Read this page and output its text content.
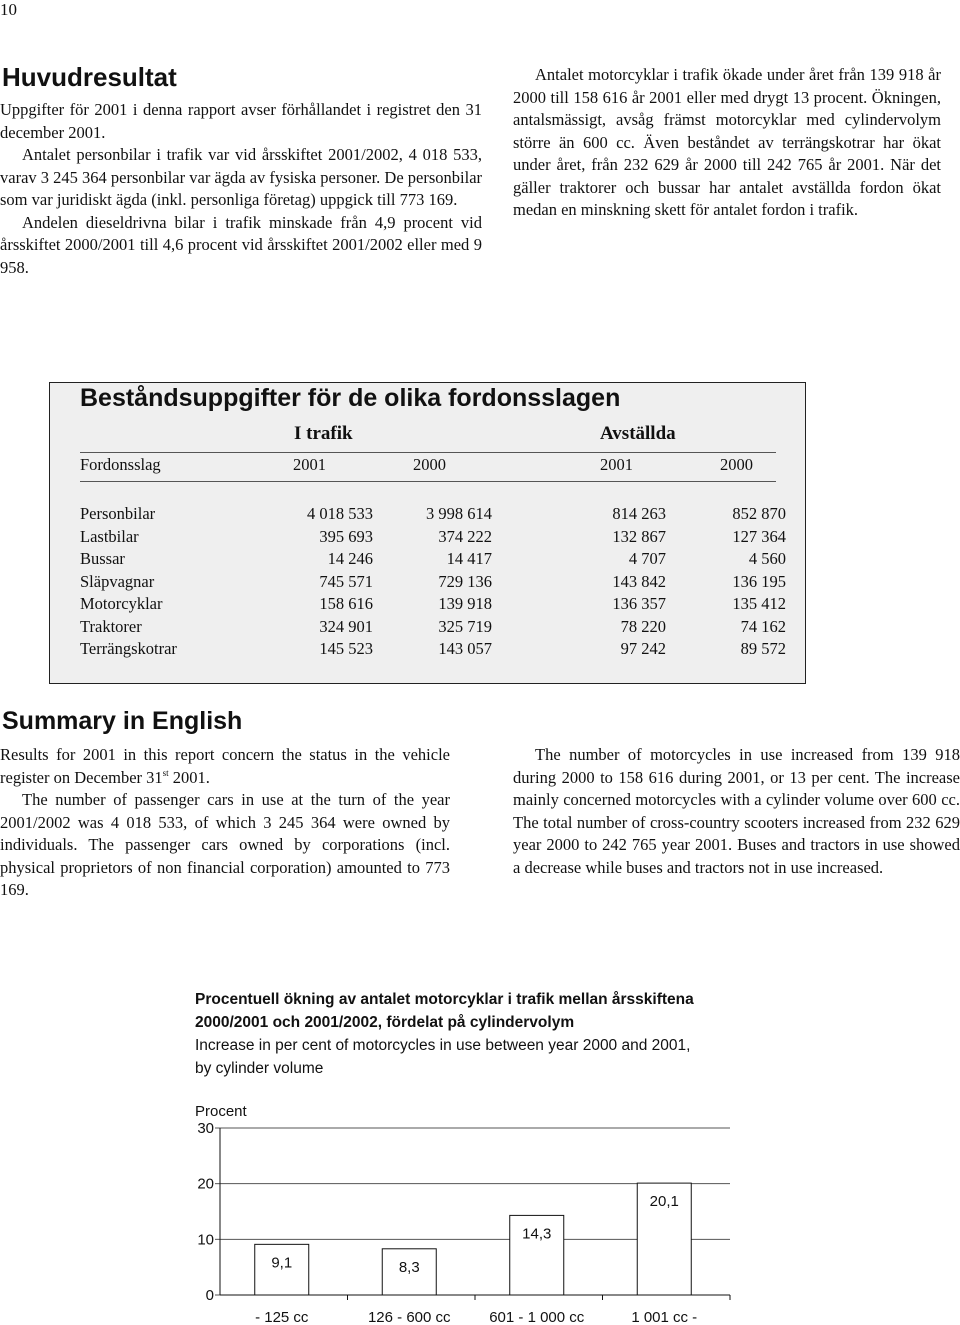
10
Huvudresultat

Uppgifter för 2001 i denna rapport avser förhållandet i registret den 31 december 2001.

Antalet personbilar i trafik var vid årsskiftet 2001/2002, 4 018 533, varav 3 245 364 personbilar var ägda av fysiska personer. De personbilar som var juridiskt ägda (inkl. personliga företag) uppgick till 773 169.

Andelen dieseldrivna bilar i trafik minskade från 4,9 procent vid årsskiftet 2000/2001 till 4,6 procent vid årsskiftet 2001/2002 eller med 9 958.

Antalet motorcyklar i trafik ökade under året från 139 918 år 2000 till 158 616 år 2001 eller med drygt 13 procent. Ökningen, antalsmässigt, avsåg främst motorcyklar med cylindervolym större än 600 cc. Även beståndet av terrängskotrar har ökat under året, från 232 629 år 2000 till 242 765 år 2001. När det gäller traktorer och bussar har antalet avställda fordon ökat medan en minskning skett för antalet fordon i trafik.

Beståndsuppgifter för de olika fordonsslagen
I trafik	Avställda
Fordonsslag	2001	2000	2001	2000
Personbilar	4 018 533	3 998 614	814 263	852 870
Lastbilar	395 693	374 222	132 867	127 364
Bussar	14 246	14 417	4 707	4 560
Släpvagnar	745 571	729 136	143 842	136 195
Motorcyklar	158 616	139 918	136 357	135 412
Traktorer	324 901	325 719	78 220	74 162
Terrängskotrar	145 523	143 057	97 242	89 572
Summary in English

Results for 2001 in this report concern the status in the vehicle register on December 31st 2001.

The number of passenger cars in use at the turn of the year 2001/2002 was 4 018 533, of which 3 245 364 were owned by individuals. The passenger cars owned by corporations (incl. physical proprietors of non financial corporation) amounted to 773 169.

The number of motorcycles in use increased from 139 918 during 2000 to 158 616 during 2001, or 13 per cent. The increase mainly concerned motorcycles with a cylinder volume over 600 cc. The total number of cross-country scooters increased from 232 629 year 2000 to 242 765 year 2001. Buses and tractors in use showed a decrease while buses and tractors not in use increased.

Procentuell ökning av antalet motorcyklar i trafik mellan årsskiftena
2000/2001 och 2001/2002, fördelat på cylindervolym
Increase in per cent of motorcycles in use between year 2000 and 2001,
by cylinder volume
Procent
0
10
20
30
9,1
- 125 cc
8,3
126 - 600 cc
14,3
601 - 1 000 cc
20,1
1 001 cc -
